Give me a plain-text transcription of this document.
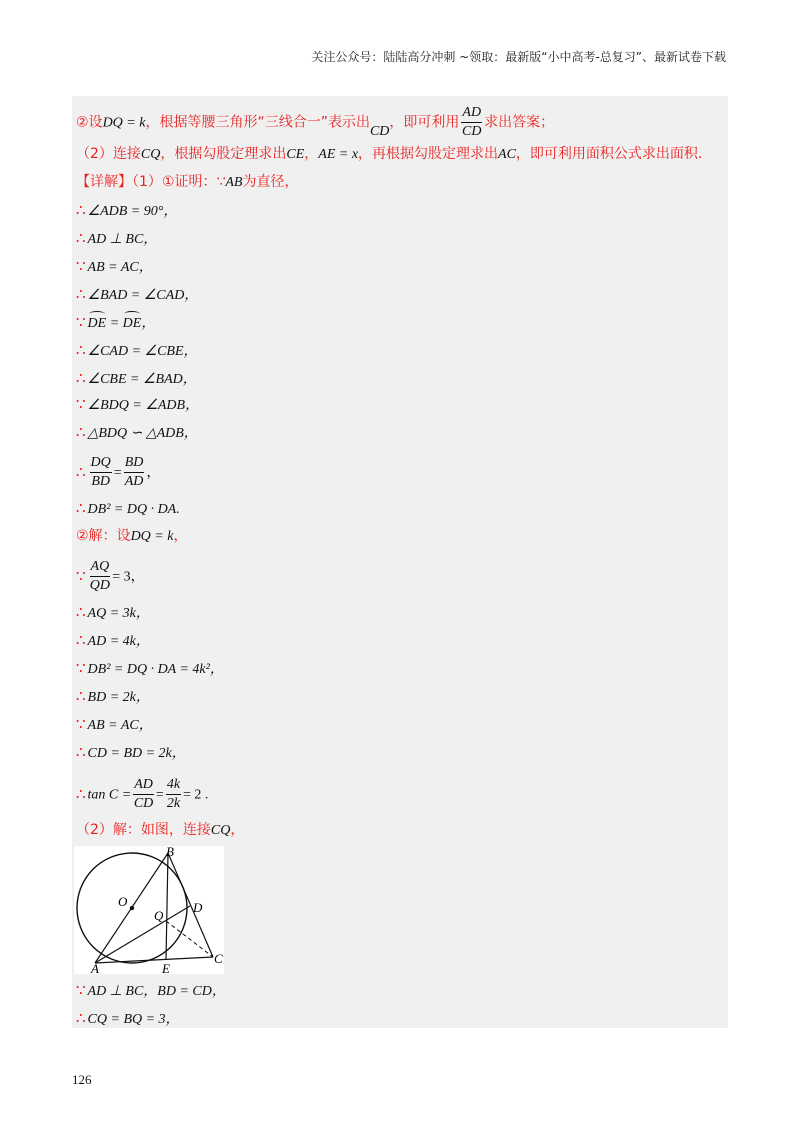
关注公众号：陆陆高分冲刺 ~领取：最新版“小中高考-总复习”、最新试卷下载
②设DQ = k，根据等腰三角形“三线合一”表示出CD，即可利用 $\frac{AD}{CD}$ 求出答案；
（2）连接CQ，根据勾股定理求出CE，AE = x，再根据勾股定理求出AC，即可利用面积公式求出面积.
【详解】（1）①证明：∵AB为直径，
∴ ∠ADB = 90°，
∴ AD ⊥ BC，
∵ AB = AC，
∴ ∠BAD = ∠CAD，
∵ DE = DE，
∴ ∠CAD = ∠CBE，
∴ ∠CBE = ∠BAD，
∵ ∠BDQ = ∠ADB，
∴ △BDQ ∽ △ADB，
∴ $\frac{DQ}{BD} = \frac{BD}{AD}$ ，
∴ DB² = DQ · DA.
②解：设DQ = k，
∵ $\frac{AQ}{QD} = 3$，
∴ AQ = 3k，
∴ AD = 4k，
∵ DB² = DQ · DA = 4k²，
∴ BD = 2k，
∵ AB = AC，
∴ CD = BD = 2k，
∴ $\tan C = \frac{AD}{CD} = \frac{4k}{2k} = 2$ .
（2）解：如图，连接CQ，
O
B
D
Q
A	E
C
∵ AD ⊥ BC，BD = CD，
∴ CQ = BQ = 3，
126
